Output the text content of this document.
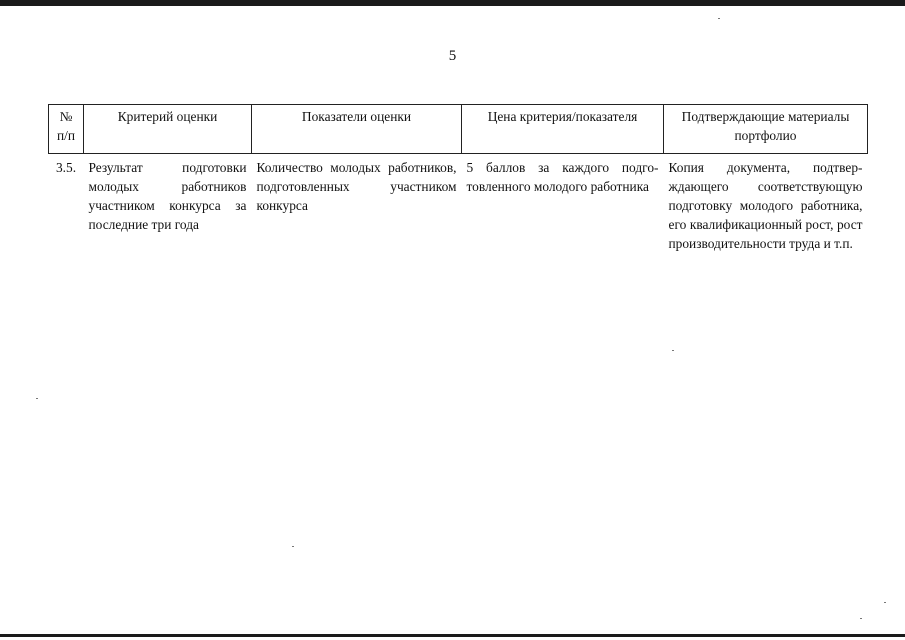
5
№ п/п	Критерий оценки	Показатели оценки	Цена критерия/показателя	Подтверждающие материалы портфолио
3.5.	Результат подготовки молодых работников участником конкурса за последние три года	Количество молодых работников, подготовленных участником конкурса	5 баллов за каждого подготовленного молодого работника	Копия документа, подтверждающего соответствующую подготовку молодого работника, его квалификационный рост, рост производительности труда и т.п.
